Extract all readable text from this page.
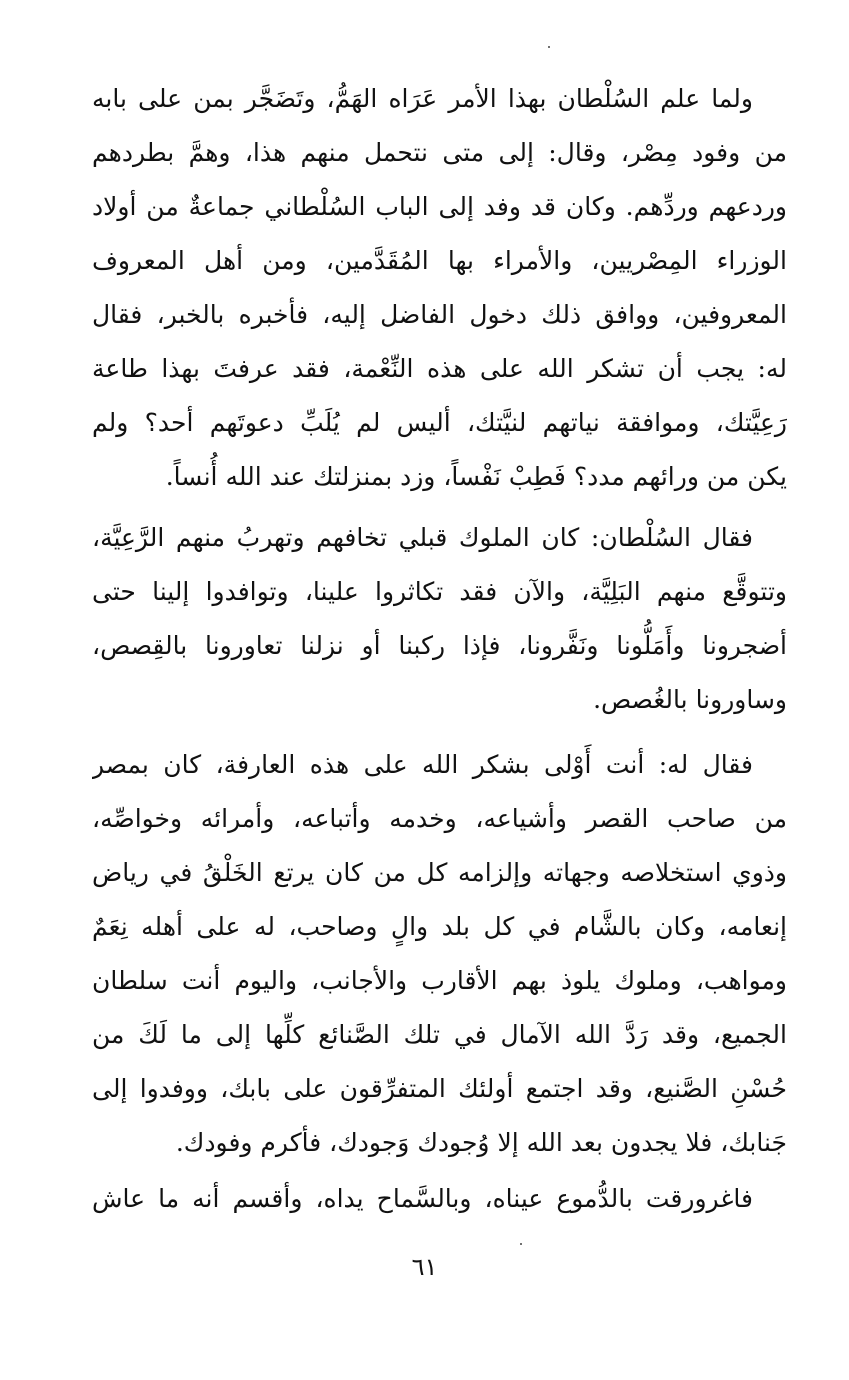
ولما علم السُلْطان بهذا الأمر عَرَاه الهَمُّ، وتَضَجَّر بمن على بابه
من وفود مِصْر، وقال: إلى متى نتحمل منهم هذا، وهمَّ بطردهم
وردعهم وردِّهم. وكان قد وفد إلى الباب السُلْطاني جماعةٌ من أولاد
الوزراء المِصْريين، والأمراء بها المُقَدَّمين، ومن أهل المعروف
المعروفين، ووافق ذلك دخول الفاضل إليه، فأخبره بالخبر، فقال
له: يجب أن تشكر الله على هذه النِّعْمة، فقد عرفتَ بهذا طاعة
رَعِيَّتك، وموافقة نياتهم لنيَّتك، أليس لم يُلَبِّ دعوتَهم أحد؟ ولم
يكن من ورائهم مدد؟ فَطِبْ نَفْساً، وزد بمنزلتك عند الله أُنساً.
فقال السُلْطان: كان الملوك قبلي تخافهم وتهربُ منهم الرَّعِيَّة،
وتتوقَّع منهم البَلِيَّة، والآن فقد تكاثروا علينا، وتوافدوا إلينا حتى
أضجرونا وأَمَلُّونا ونَفَّرونا، فإذا ركبنا أو نزلنا تعاورونا بالقِصص،
وساورونا بالغُصص.
فقال له: أنت أَوْلى بشكر الله على هذه العارفة، كان بمصر
من صاحب القصر وأشياعه، وخدمه وأتباعه، وأمرائه وخواصِّه،
وذوي استخلاصه وجهاته وإلزامه كل من كان يرتع الخَلْقُ في رياض
إنعامه، وكان بالشَّام في كل بلد والٍ وصاحب، له على أهله نِعَمٌ
ومواهب، وملوك يلوذ بهم الأقارب والأجانب، واليوم أنت سلطان
الجميع، وقد رَدَّ الله الآمال في تلك الصَّنائع كلِّها إلى ما لَكَ من
حُسْنِ الصَّنيع، وقد اجتمع أولئك المتفرِّقون على بابك، ووفدوا إلى
جَنابك، فلا يجدون بعد الله إلا وُجودك وَجودك، فأكرم وفودك.
فاغرورقت بالدُّموع عيناه، وبالسَّماح يداه، وأقسم أنه ما عاش
٦١
